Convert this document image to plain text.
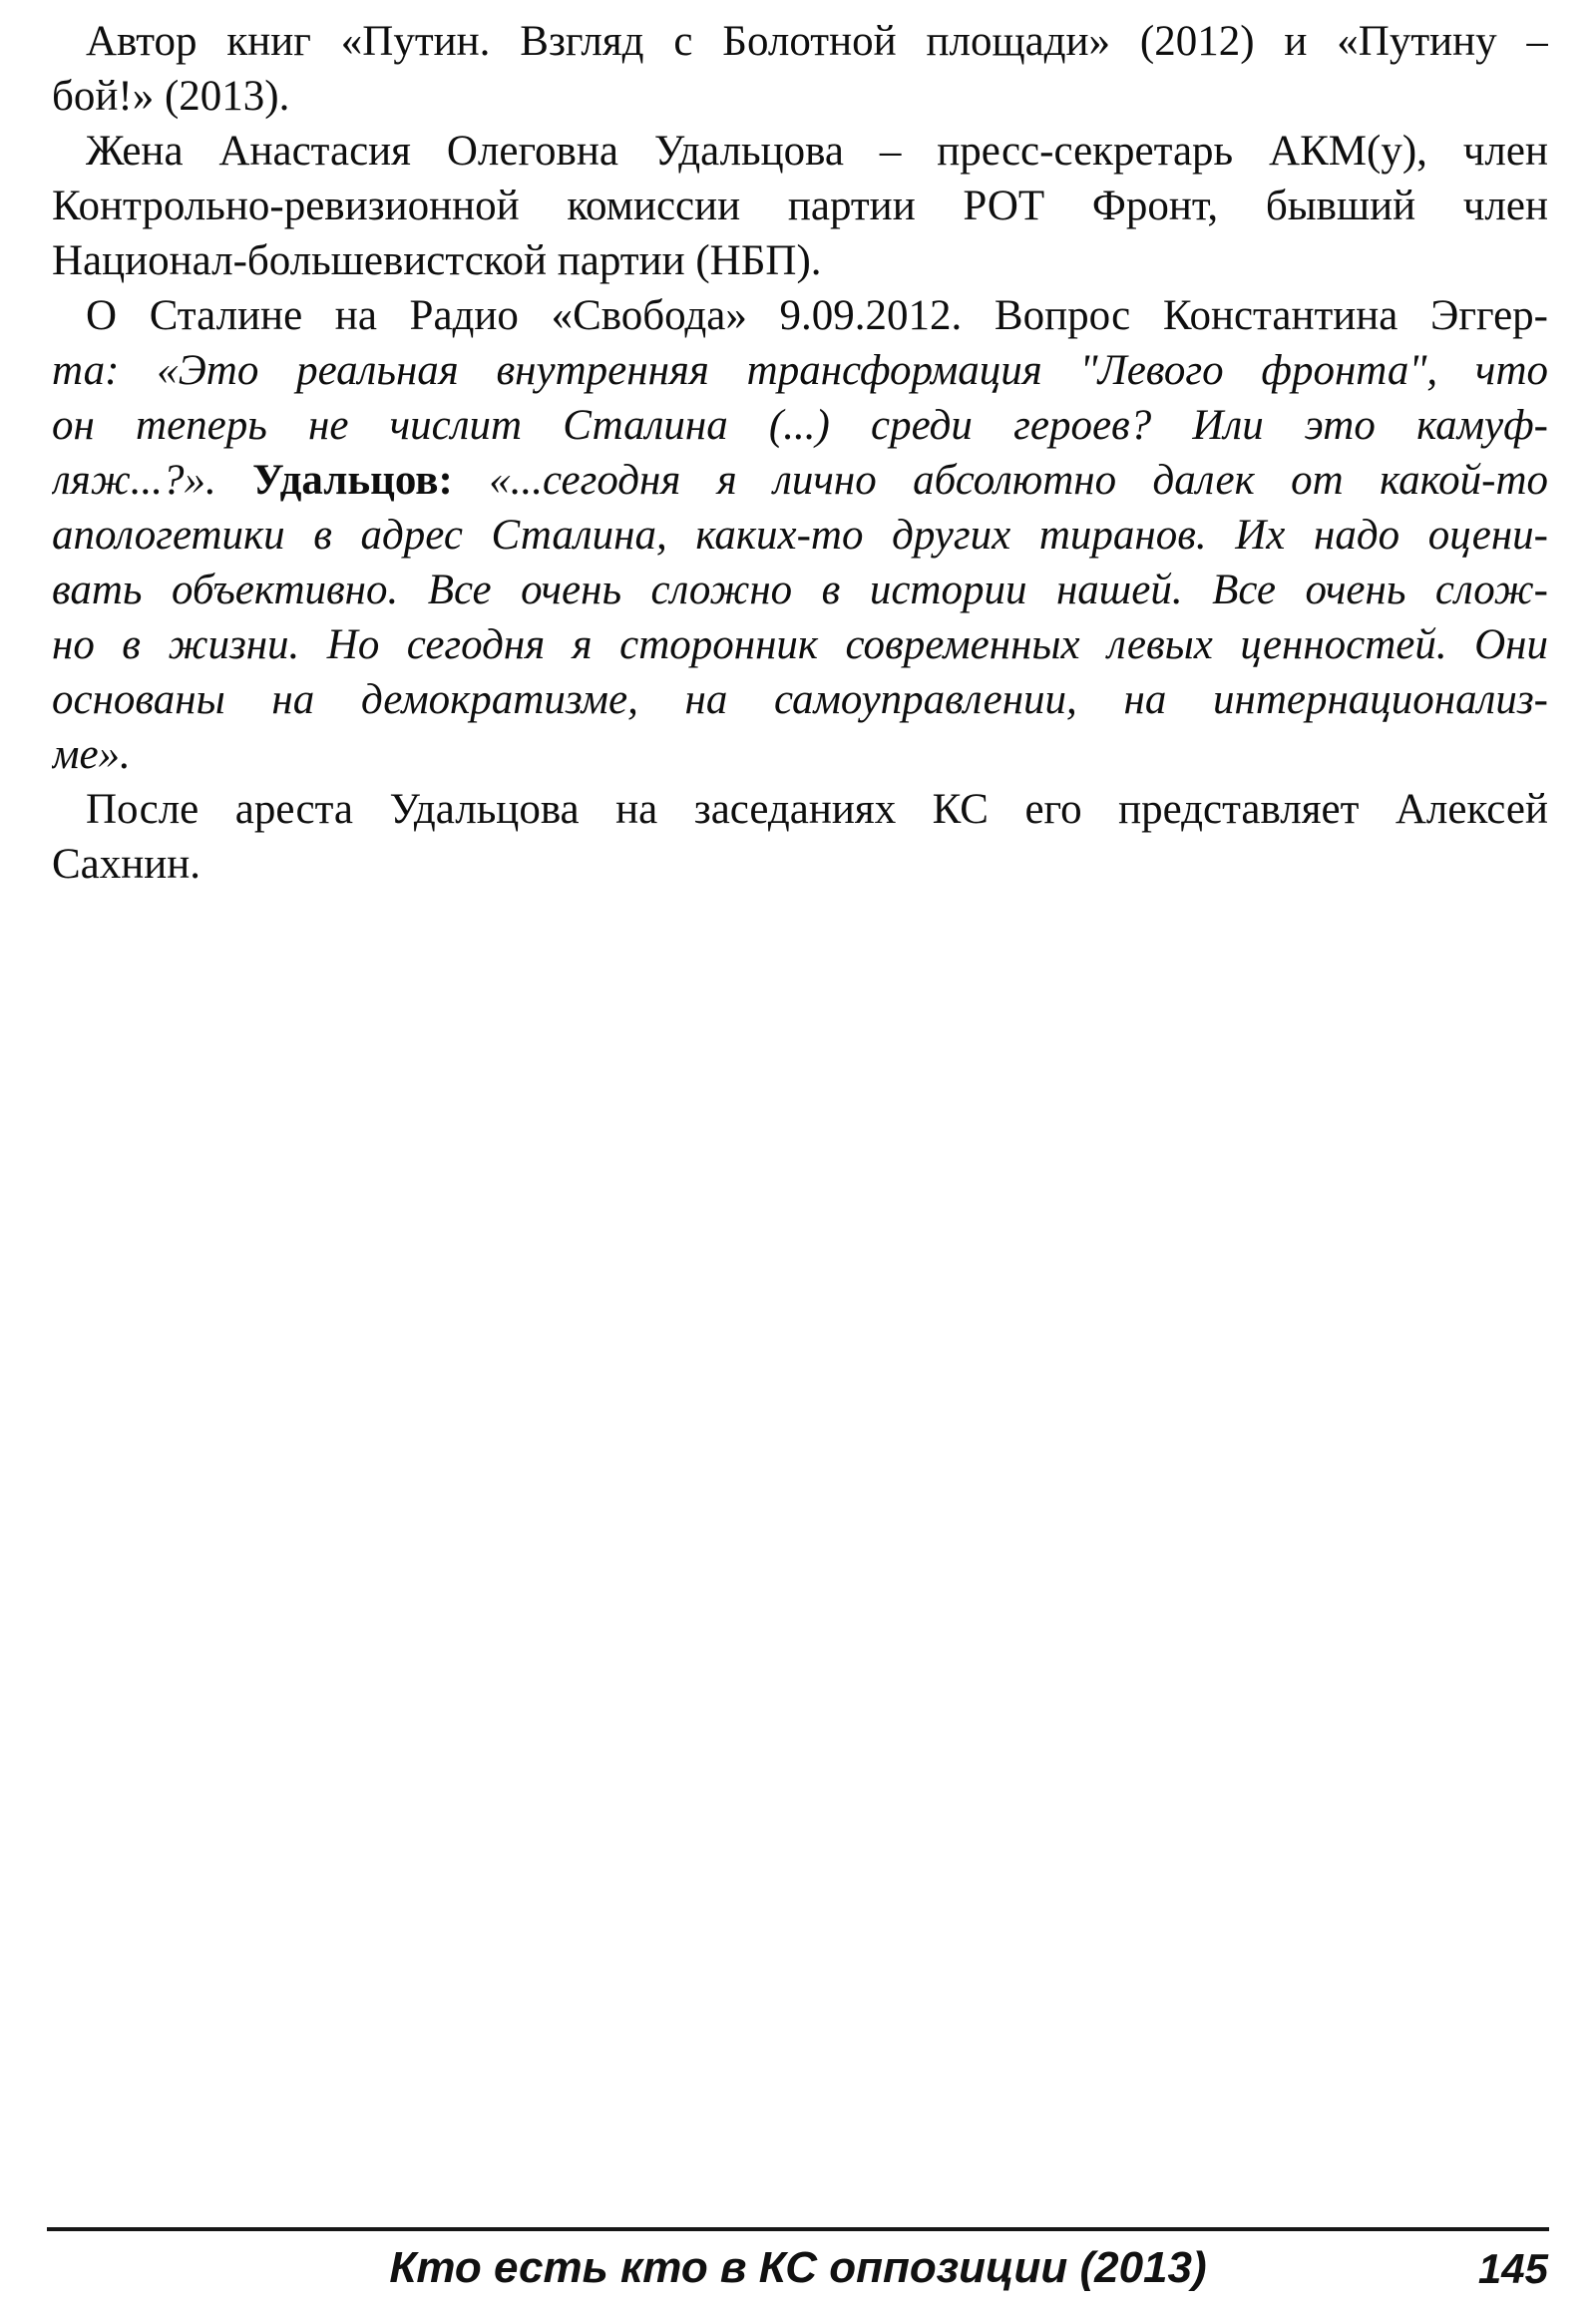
Автор книг «Путин. Взгляд с Болотной площади» (2012) и «Путину –
бой!» (2013).
Жена Анастасия Олеговна Удальцова – пресс-секретарь АКМ(у), член
Контрольно-ревизионной комиссии партии РОТ Фронт, бывший член
Национал-большевистской партии (НБП).
О Сталине на Радио «Свобода» 9.09.2012. Вопрос Константина Эггер-
та: «Это реальная внутренняя трансформация "Левого фронта", что
он теперь не числит Сталина (...) среди героев? Или это камуф-
ляж...?». Удальцов: «...сегодня я лично абсолютно далек от какой-то
апологетики в адрес Сталина, каких-то других тиранов. Их надо оцени-
вать объективно. Все очень сложно в истории нашей. Все очень слож-
но в жизни. Но сегодня я сторонник современных левых ценностей. Они
основаны на демократизме, на самоуправлении, на интернационализ-
ме».
После ареста Удальцова на заседаниях КС его представляет Алексей
Сахнин.
Кто есть кто в КС оппозиции (2013)	145
